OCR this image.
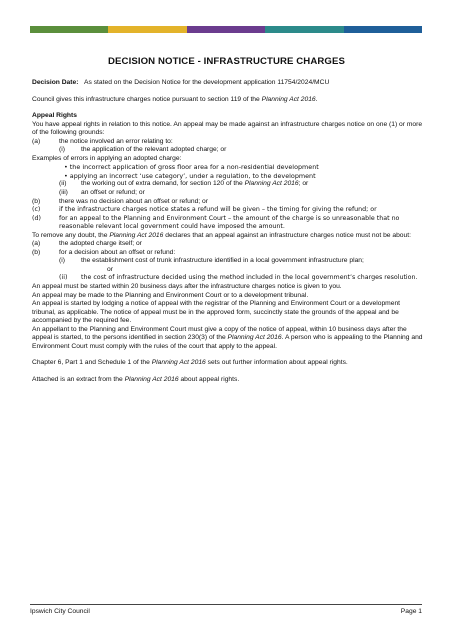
DECISION NOTICE - INFRASTRUCTURE CHARGES

Decision Date: As stated on the Decision Notice for the development application 11754/2024/MCU

Council gives this infrastructure charges notice pursuant to section 119 of the Planning Act 2016.

Appeal Rights

You have appeal rights in relation to this notice. An appeal may be made against an infrastructure charges notice on one (1) or more of the following grounds:

(a)	the notice involved an error relating to:
(i)	the application of the relevant adopted charge; or

Examples of errors in applying an adopted charge:

• the incorrect application of gross floor area for a non-residential development

• applying an incorrect ‘use category’, under a regulation, to the development

(ii)	the working out of extra demand, for section 120 of the Planning Act 2016; or
(iii)	an offset or refund; or
(b)	there was no decision about an offset or refund; or
(c)	if the infrastructure charges notice states a refund will be given – the timing for giving the refund; or
(d)	for an appeal to the Planning and Environment Court – the amount of the charge is so unreasonable that no reasonable relevant local government could have imposed the amount.

To remove any doubt, the Planning Act 2016 declares that an appeal against an infrastructure charges notice must not be about:

(a)	the adopted charge itself; or
(b)	for a decision about an offset or refund:
(i)	the establishment cost of trunk infrastructure identified in a local government infrastructure plan;

or

(ii)	the cost of infrastructure decided using the method included in the local government’s charges resolution.

An appeal must be started within 20 business days after the infrastructure charges notice is given to you.

An appeal may be made to the Planning and Environment Court or to a development tribunal.

An appeal is started by lodging a notice of appeal with the registrar of the Planning and Environment Court or a development tribunal, as applicable. The notice of appeal must be in the approved form, succinctly state the grounds of the appeal and be accompanied by the required fee.

An appellant to the Planning and Environment Court must give a copy of the notice of appeal, within 10 business days after the appeal is started, to the persons identified in section 230(3) of the Planning Act 2016. A person who is appealing to the Planning and Environment Court must comply with the rules of the court that apply to the appeal.

Chapter 6, Part 1 and Schedule 1 of the Planning Act 2016 sets out further information about appeal rights.

Attached is an extract from the Planning Act 2016 about appeal rights.

Ipswich City Council	Page 1
